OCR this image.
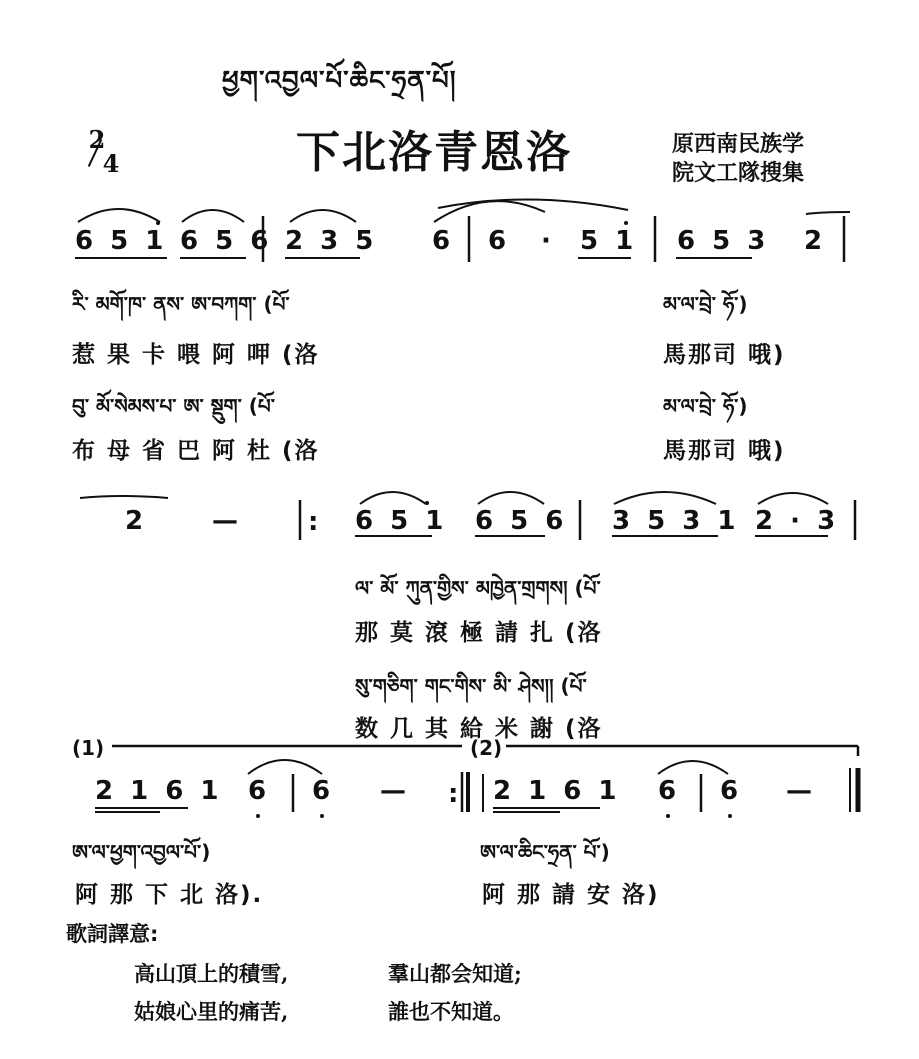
:
:
ཕྱག་འབྱལ་པོ་ཆིང་ཧྲན་པོ།
下北洛青恩洛
2
4
原西南民族学
院文工隊搜集
6 5 1 6 5 6 2 3 5 6 6 · 5 1 6 5 3 2
རི་ མགོ་ཁ་ ནས་ ཨ་བཀག་ (པོ་	མ་ལ་བྲེ་ ཧོ་)
惹 果 卡 喂 阿 呷 (洛	馬那司 哦)
བུ་ མོ་སེམས་པ་ ཨ་ སྡུག་ (པོ་	མ་ལ་བྲེ་ ཧོ་)
布 母 省 巴 阿 杜 (洛	馬那司 哦)
2 —	6 5 1 6 5 6 3 5 3 1 2 · 3
ལ་ མོ་ ཀུན་གྱིས་ མཁྱེན་གྲགས། (པོ་
那 莫 滾 極 請 扎 (洛
སུ་གཅིག་ གང་གིས་ མི་ ཤེས།། (པོ་
数 几 其 給 米 謝 (洛
(1)	(2)
2 1 6 1 6 6 —	2 1 6 1 6 6 —
ཨ་ལ་ཕྱག་འབྱལ་པོ་)	ཨ་ལ་ཆིང་ཧྲན་ པོ་)
阿 那 下 北 洛).	阿 那 請 安 洛)
歌詞譯意:
高山頂上的積雪,	羣山都会知道;
姑娘心里的痛苦,	誰也不知道。
